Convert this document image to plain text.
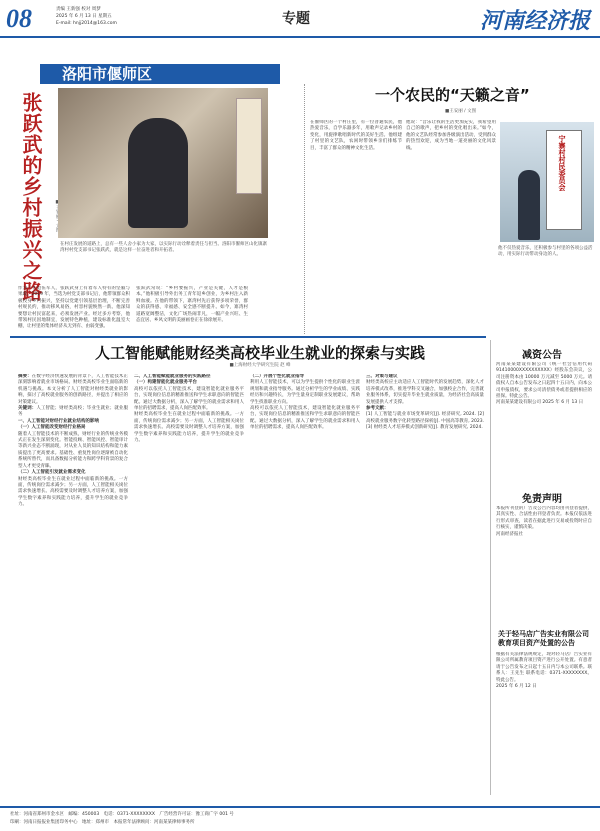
08	责编 王新强 校对 周梦
2025 年 6 月 13 日 星期五
E-mail: hnjj2014@163.com	专题	河南经济报
洛阳市偃师区
张跃武的乡村振兴之路	在村庄发展的道路上，总有一些人舍小家为大家，以实际行动诠释着责任与担当。洛阳市偃师区山化镇寨湾村村党支部书记张跃武，就是这样一位奋进者和开拓者。
一个农民的“天籁之音”
■王安丽 / 文图
作为一名退伍军人，张跃武身上有着军人特有的坚毅与果敢。2019 年，当选为村党支部书记后，他带领群众积极投身乡村振兴，坚持以党建引领基层治理，不断完善村规民约，推动移风易俗，村容村貌焕然一新。他深知要想让村民富起来，必须发展产业。经过多方考察，他带领村民因地制宜，发展特色种植，建设标准化温室大棚，让村里的集体经济从无到有、由弱变强。
张跃武常说：“乡村要振兴，产业是关键，人才是根本。”他积极引导外出务工青年返乡创业，为乡村注入新鲜血液。在他的带领下，寨湾村先后获得多项荣誉，群众的获得感、幸福感、安全感不断提升。如今，寨湾村道路宽阔整洁，文化广场热闹非凡，一幅产业兴旺、生态宜居、乡风文明的美丽画卷正在徐徐展开。
在偃师区的一个村庄里，有一位普通农民，他热爱音乐，自学乐器多年，用歌声记录乡村的变化，用旋律歌唱新时代的美好生活。他组建了村里的文艺队，农闲时带领乡亲们排练节目，丰富了群众的精神文化生活。
他说：“音乐让我的生活更加充实，我希望用自己的歌声，把乡村的变化唱出来。”如今，他的文艺队经常参加各级演出活动，受到群众的热烈欢迎，成为当地一道亮丽的文化风景线。	宁寨村村民委员会
他不仅热爱音乐，还积极参与村里的各项公益活动，用实际行动带动身边的人。
人工智能赋能财经类高校毕业生就业的探索与实践
■上海财经大学研究生院 赵 峰
摘要：在数字经济快速发展的背景下，人工智能技术正深刻影响着就业市场格局。财经类高校毕业生面临新的机遇与挑战。本文分析了人工智能对财经类就业的影响，探讨了高校就业服务的创新路径，并提出了相应的对策建议。
关键词：人工智能；财经类高校；毕业生就业；就业服务
一、人工智能对财经行业就业结构的影响
（一）人工智能改变财经行业格局
随着人工智能技术的不断成熟，财经行业的传统业务模式正在发生深刻变化。智能投顾、智能风控、智能审计等新兴业态不断涌现，对从业人员的知识结构和能力素质提出了更高要求。基础性、重复性岗位逐渐被自动化系统所替代，而具备数据分析能力和跨学科背景的复合型人才更受青睐。
（二）人工智能引发就业需求变化
财经类高校毕业生在就业过程中面临新的挑战。一方面，传统岗位需求减少；另一方面，人工智能相关岗位需求快速增长。高校需要及时调整人才培养方案，加强学生数字素养和实践能力培养，提升学生的就业竞争力。
二、人工智能赋能就业服务的实践路径
（一）构建智能化就业服务平台
高校可以依托人工智能技术，建设智能化就业服务平台，实现岗位信息的精准推送和学生求职意向的智能匹配。通过大数据分析，深入了解学生的就业需求和用人单位的招聘需求，提高人岗匹配效率。
财经类高校毕业生在就业过程中面临新的挑战。一方面，传统岗位需求减少；另一方面，人工智能相关岗位需求快速增长。高校需要及时调整人才培养方案，加强学生数字素养和实践能力培养，提升学生的就业竞争力。
（二）开展个性化就业指导
利用人工智能技术，可以为学生提供个性化的职业生涯规划和就业指导服务。通过分析学生的学业成绩、实践经历和兴趣特长，为学生量身定制职业发展建议，帮助学生找准职业方向。
高校可以依托人工智能技术，建设智能化就业服务平台，实现岗位信息的精准推送和学生求职意向的智能匹配。通过大数据分析，深入了解学生的就业需求和用人单位的招聘需求，提高人岗匹配效率。
三、对策与建议
财经类高校应主动适应人工智能时代的发展趋势，深化人才培养模式改革，推进学科交叉融合，加强校企合作，完善就业服务体系，切实提升毕业生就业质量，为经济社会高质量发展提供人才支撑。
参考文献：
[1] 人工智能与就业市场变革研究[J]. 经济研究, 2024. [2] 高校就业服务数字化转型路径探析[J]. 中国高等教育, 2023. [3] 财经类人才培养模式创新研究[J]. 教育发展研究, 2024.
减资公告
河南某某建设有限公司（统一社会信用代码 91410000XXXXXXXXXX）经股东会决议，公司注册资本由 10000 万元减至 5000 万元。请债权人自本公告发布之日起四十五日内，向本公司申报债权，要求公司清偿债务或者提供相应的担保。特此公告。
河南某某建设有限公司 2025 年 6 月 13 日
免责声明
本报所刊登的广告及公告内容均由刊登者提供，其真实性、合法性由刊登者负责。本报仅依法进行形式审查，读者在据此进行交易或投资时应自行核实，谨慎决策。
河南经济报社
关于轻马店广告实业有限公司教育项目资产处置的公告
根据有关法律法规规定，现对轻马店广告实业有限公司所属教育项目资产进行公开处置。有意者请于公告发布之日起十五日内与本公司联系。联系人：王先生 联系电话：0371-XXXXXXXX。特此公告。
2025 年 6 月 12 日
社址：河南省郑州市金水区　邮编：450003　电话：0371-XXXXXXXX　广告经营许可证：豫工商广字 001 号
印刷：河南日报报业集团印务中心　地址：郑州市　本报常年法律顾问：河南某某律师事务所
